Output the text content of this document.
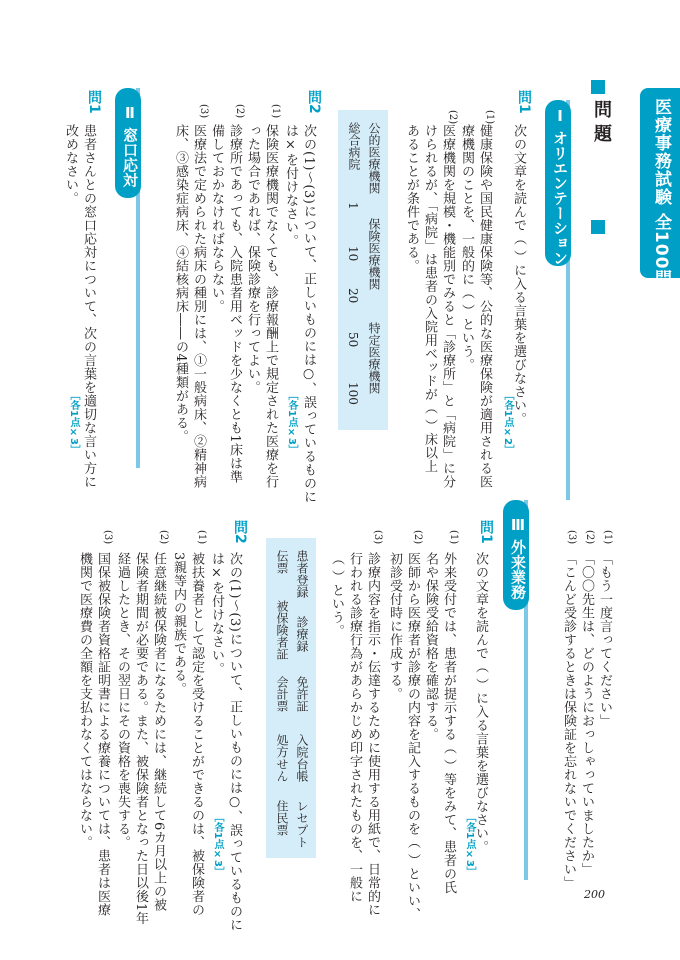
医療事務試験 全100問
問 題
Ⅰ オリエンテーション
問1
次の文章を読んで（ ）に入る言葉を選びなさい。
［各1点×2］
(1)
健康保険や国民健康保険等、公的な医療保険が適用される医
療機関のことを、一般的に（ ）という。
(2)
医療機関を規模・機能別でみると「診療所」と「病院」に分
けられるが、「病院」は患者の入院用ベッドが（ ）床以上
あることが条件である。
公的医療機関
保険医療機関
特定医療機関
総合病院
1
10
20
50
100
問2
次の(1)〜(3)について、正しいものには○、誤っているものに
は×を付けなさい。
［各1点×3］
(1)
保険医療機関でなくても、診療報酬上で規定された医療を行
った場合であれば、保険診療を行ってよい。
(2)
診療所であっても、入院患者用ベッドを少なくとも1床は準
備しておかなければならない。
(3)
医療法で定められた病床の種別には、①一般病床、②精神病
床、③感染症病床、④結核病床――の4種類がある。
Ⅱ 窓口応対
問1
患者さんとの窓口応対について、次の言葉を適切な言い方に
改めなさい。
［各1点×3］
(1)
「もう一度言ってください」
(2)
「〇〇先生は、どのようにおっしゃっていましたか」
(3)
「こんど受診するときは保険証を忘れないでください」
Ⅲ 外来業務
問1
次の文章を読んで（ ）に入る言葉を選びなさい。
［各1点×3］
(1)
外来受付では、患者が提示する（ ）等をみて、患者の氏
名や保険受給資格を確認する。
(2)
医師から医療者が診療の内容を記入するものを（ ）といい、
初診受付時に作成する。
(3)
診療内容を指示・伝達するために使用する用紙で、日常的に
行われる診療行為があらかじめ印字されたものを、一般に
（ ）という。
患者登録
診療録
免許証
入院台帳
レセプト
伝票
被保険者証
会計票
処方せん
住民票
問2
次の(1)〜(3)について、正しいものには○、誤っているものに
は×を付けなさい。
［各1点×3］
(1)
被扶養者として認定を受けることができるのは、被保険者の
3親等内の親族である。
(2)
任意継続被保険者になるためには、継続して6カ月以上の被
保険者期間が必要である。また、被保険者となった日以後1年
経過したとき、その翌日にその資格を喪失する。
(3)
国保被保険者資格証明書による療養については、患者は医療
機関で医療費の全額を支払わなくてはならない。
200
